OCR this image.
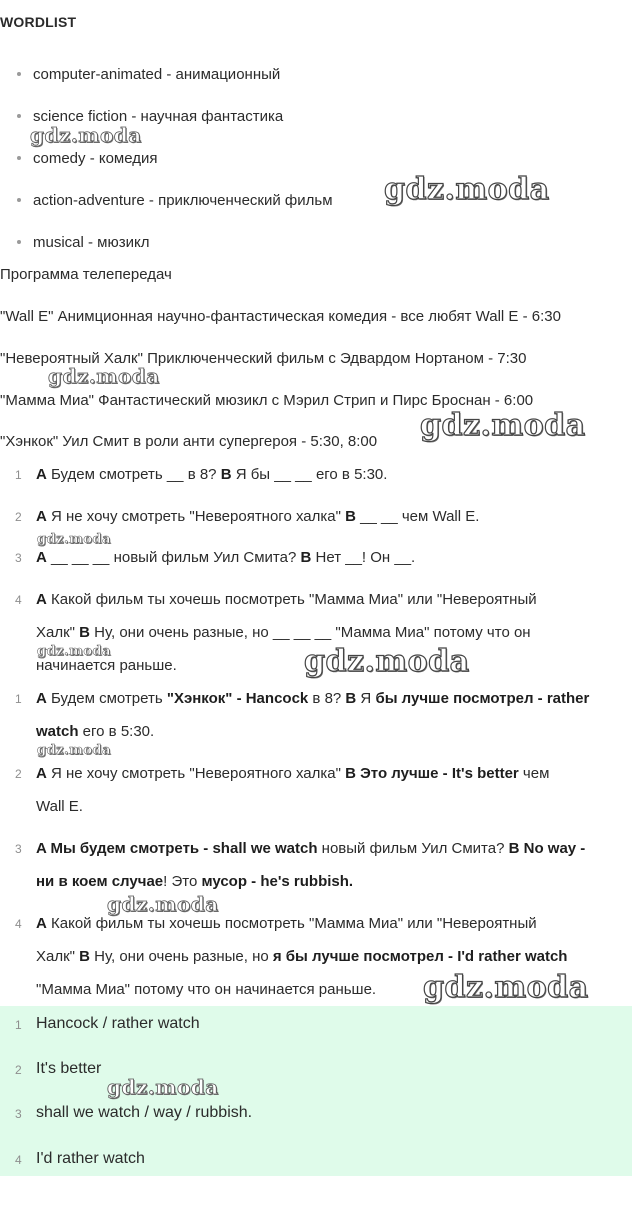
WORDLIST
computer-animated - анимационный
science fiction - научная фантастика
comedy - комедия
action-adventure - приключенческий фильм
musical - мюзикл
Программа телепередач
"Wall E" Анимционная научно-фантастическая комедия - все любят Wall E - 6:30
"Невероятный Халк" Приключенческий фильм с Эдвардом Нортаном - 7:30
"Мамма Миа" Фантастический мюзикл с Мэрил Стрип и Пирс Броснан - 6:00
"Хэнкок" Уил Смит в роли анти супергероя - 5:30, 8:00
1 A Будем смотреть __ в 8? B Я бы __ __ его в 5:30.
2 A Я не хочу смотреть "Невероятного халка" B __ __ чем Wall E.
3 A __ __ __ новый фильм Уил Смита? B Нет __! Он __.
4 A Какой фильм ты хочешь посмотреть "Мамма Миа" или "Невероятный
Халк" B Ну, они очень разные, но __ __ __ "Мамма Миа" потому что он
начинается раньше.
1 A Будем смотреть "Хэнкок" - Hancock в 8? B Я бы лучше посмотрел - rather
watch его в 5:30.
2 A Я не хочу смотреть "Невероятного халка" B Это лучше - It's better чем
Wall E.
3 A Мы будем смотреть - shall we watch новый фильм Уил Смита? B No way -
ни в коем случае! Это мусор - he's rubbish.
4 A Какой фильм ты хочешь посмотреть "Мамма Миа" или "Невероятный
Халк" B Ну, они очень разные, но я бы лучше посмотрел - I'd rather watch
"Мамма Миа" потому что он начинается раньше.
1 Hancock / rather watch
2 It's better
3 shall we watch / way / rubbish.
4 I'd rather watch
gdz.moda
gdz.moda
gdz.moda
gdz.moda
gdz.moda
gdz.moda	gdz.moda
gdz.moda
gdz.moda
gdz.moda
gdz.moda
